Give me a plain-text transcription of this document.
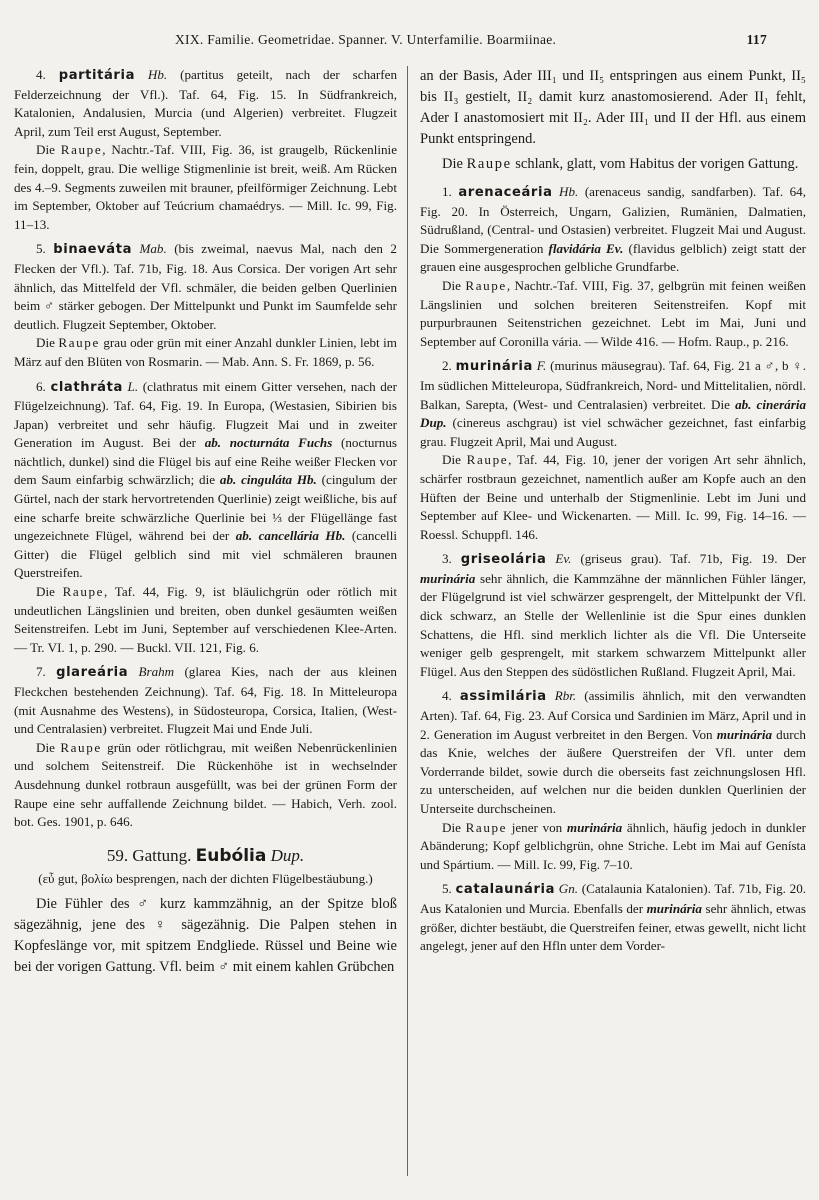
XIX. Familie. Geometridae. Spanner. V. Unterfamilie. Boarmiinae.	117

4. partitária Hb. (partitus geteilt, nach der scharfen Felderzeichnung der Vfl.). Taf. 64, Fig. 15. In Südfrankreich, Katalonien, Andalusien, Murcia (und Algerien) verbreitet. Flugzeit April, zum Teil erst August, September.

Die Raupe, Nachtr.-Taf. VIII, Fig. 36, ist graugelb, Rückenlinie fein, doppelt, grau. Die wellige Stigmenlinie ist breit, weiß. Am Rücken des 4.–9. Segments zuweilen mit brauner, pfeilförmiger Zeichnung. Lebt im September, Oktober auf Teúcrium chamaédrys. — Mill. Ic. 99, Fig. 11–13.

5. binaeváta Mab. (bis zweimal, naevus Mal, nach den 2 Flecken der Vfl.). Taf. 71b, Fig. 18. Aus Corsica. Der vorigen Art sehr ähnlich, das Mittelfeld der Vfl. schmäler, die beiden gelben Querlinien beim ♂ stärker gebogen. Der Mittelpunkt und Punkt im Saumfelde sehr deutlich. Flugzeit September, Oktober.

Die Raupe grau oder grün mit einer Anzahl dunkler Linien, lebt im März auf den Blüten von Rosmarin. — Mab. Ann. S. Fr. 1869, p. 56.

6. clathráta L. (clathratus mit einem Gitter versehen, nach der Flügelzeichnung). Taf. 64, Fig. 19. In Europa, (Westasien, Sibirien bis Japan) verbreitet und sehr häufig. Flugzeit Mai und in zweiter Generation im August. Bei der ab. nocturnáta Fuchs (nocturnus nächtlich, dunkel) sind die Flügel bis auf eine Reihe weißer Flecken vor dem Saum einfarbig schwärzlich; die ab. cinguláta Hb. (cingulum der Gürtel, nach der stark hervortretenden Querlinie) zeigt weißliche, bis auf eine scharfe breite schwärzliche Querlinie bei ⅓ der Flügellänge fast ungezeichnete Flügel, während bei der ab. cancellária Hb. (cancelli Gitter) die Flügel gelblich sind mit viel schmäleren braunen Querstreifen.

Die Raupe, Taf. 44, Fig. 9, ist bläulichgrün oder rötlich mit undeutlichen Längslinien und breiten, oben dunkel gesäumten weißen Seitenstreifen. Lebt im Juni, September auf verschiedenen Klee-Arten. — Tr. VI. 1, p. 290. — Buckl. VII. 121, Fig. 6.

7. glareária Brahm (glarea Kies, nach der aus kleinen Fleckchen bestehenden Zeichnung). Taf. 64, Fig. 18. In Mitteleuropa (mit Ausnahme des Westens), in Südosteuropa, Corsica, Italien, (West- und Centralasien) verbreitet. Flugzeit Mai und Ende Juli.

Die Raupe grün oder rötlichgrau, mit weißen Nebenrückenlinien und solchem Seitenstreif. Die Rückenhöhe ist in wechselnder Ausdehnung dunkel rotbraun ausgefüllt, was bei der grünen Form der Raupe eine sehr auffallende Zeichnung bildet. — Habich, Verh. zool. bot. Ges. 1901, p. 646.

59. Gattung. Eubólia Dup.

(εὖ gut, βολίω besprengen, nach der dichten Flügelbestäubung.)

Die Fühler des ♂ kurz kammzähnig, an der Spitze bloß sägezähnig, jene des ♀ sägezähnig. Die Palpen stehen in Kopfeslänge vor, mit spitzem Endgliede. Rüssel und Beine wie bei der vorigen Gattung. Vfl. beim ♂ mit einem kahlen Grübchen

an der Basis, Ader III₁ und II₅ entspringen aus einem Punkt, II₅ bis II₃ gestielt, II₂ damit kurz anastomosierend. Ader II₁ fehlt, Ader I anastomosiert mit II₂. Ader III₁ und II der Hfl. aus einem Punkt entspringend.

Die Raupe schlank, glatt, vom Habitus der vorigen Gattung.

1. arenaceária Hb. (arenaceus sandig, sandfarben). Taf. 64, Fig. 20. In Österreich, Ungarn, Galizien, Rumänien, Dalmatien, Südrußland, (Central- und Ostasien) verbreitet. Flugzeit Mai und August. Die Sommergeneration flavidária Ev. (flavidus gelblich) zeigt statt der grauen eine ausgesprochen gelbliche Grundfarbe.

Die Raupe, Nachtr.-Taf. VIII, Fig. 37, gelbgrün mit feinen weißen Längslinien und solchen breiteren Seitenstreifen. Kopf mit purpurbraunen Seitenstrichen gezeichnet. Lebt im Mai, Juni und September auf Coronilla vária. — Wilde 416. — Hofm. Raup., p. 216.

2. murinária F. (murinus mäusegrau). Taf. 64, Fig. 21 a ♂, b ♀. Im südlichen Mitteleuropa, Südfrankreich, Nord- und Mittelitalien, nördl. Balkan, Sarepta, (West- und Centralasien) verbreitet. Die ab. cinerária Dup. (cinereus aschgrau) ist viel schwächer gezeichnet, fast einfarbig grau. Flugzeit April, Mai und August.

Die Raupe, Taf. 44, Fig. 10, jener der vorigen Art sehr ähnlich, schärfer rostbraun gezeichnet, namentlich außer am Kopfe auch an den Hüften der Beine und unterhalb der Stigmenlinie. Lebt im Juni und September auf Klee- und Wickenarten. — Mill. Ic. 99, Fig. 14–16. — Roessl. Schuppfl. 146.

3. griseolária Ev. (griseus grau). Taf. 71b, Fig. 19. Der murinária sehr ähnlich, die Kammzähne der männlichen Fühler länger, der Flügelgrund ist viel schwärzer gesprengelt, der Mittelpunkt der Vfl. dick schwarz, an Stelle der Wellenlinie ist die Spur eines dunklen Schattens, die Hfl. sind merklich lichter als die Vfl. Die Unterseite weniger gelb gesprengelt, mit starkem schwarzem Mittelpunkt aller Flügel. Aus den Steppen des südöstlichen Rußland. Flugzeit April, Mai.

4. assimilária Rbr. (assimilis ähnlich, mit den verwandten Arten). Taf. 64, Fig. 23. Auf Corsica und Sardinien im März, April und in 2. Generation im August verbreitet in den Bergen. Von murinária durch das Knie, welches der äußere Querstreifen der Vfl. unter dem Vorderrande bildet, sowie durch die oberseits fast zeichnungslosen Hfl. zu unterscheiden, auf welchen nur die beiden dunklen Querlinien der Unterseite durchscheinen.

Die Raupe jener von murinária ähnlich, häufig jedoch in dunkler Abänderung; Kopf gelblichgrün, ohne Striche. Lebt im Mai auf Genísta und Spártium. — Mill. Ic. 99, Fig. 7–10.

5. catalaunária Gn. (Catalaunia Katalonien). Taf. 71b, Fig. 20. Aus Katalonien und Murcia. Ebenfalls der murinária sehr ähnlich, etwas größer, dichter bestäubt, die Querstreifen feiner, etwas gewellt, nicht licht angelegt, jener auf den Hfln unter dem Vorder-
